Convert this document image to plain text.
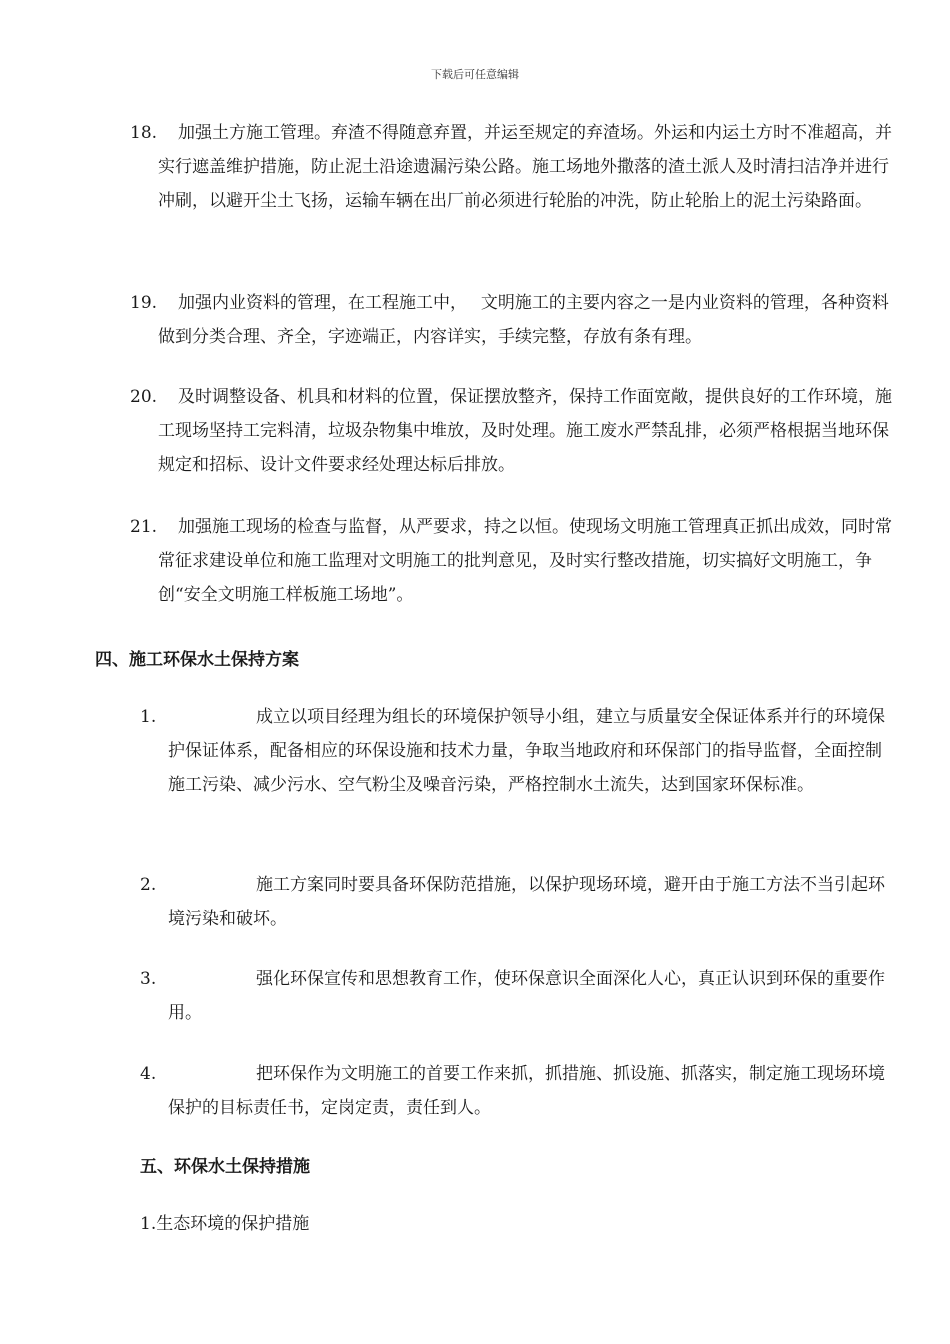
下载后可任意编辑
18.	加强土方施工管理。弃渣不得随意弃置，并运至规定的弃渣场。外运和内运土方时不准超高，并实行遮盖维护措施，防止泥土沿途遗漏污染公路。施工场地外撒落的渣土派人及时清扫洁净并进行冲刷，以避开尘土飞扬，运输车辆在出厂前必须进行轮胎的冲洗，防止轮胎上的泥土污染路面。

19.	加强内业资料的管理，在工程施工中，　 文明施工的主要内容之一是内业资料的管理，各种资料做到分类合理、齐全，字迹端正，内容详实，手续完整，存放有条有理。

20.	及时调整设备、机具和材料的位置，保证摆放整齐，保持工作面宽敞，提供良好的工作环境，施工现场坚持工完料清，垃圾杂物集中堆放，及时处理。施工废水严禁乱排，必须严格根据当地环保规定和招标、设计文件要求经处理达标后排放。

21.	加强施工现场的检查与监督，从严要求，持之以恒。使现场文明施工管理真正抓出成效，同时常常征求建设单位和施工监理对文明施工的批判意见，及时实行整改措施，切实搞好文明施工，争创“安全文明施工样板施工场地”。

四、施工环保水土保持方案
1.	成立以项目经理为组长的环境保护领导小组，建立与质量安全保证体系并行的环境保护保证体系，配备相应的环保设施和技术力量，争取当地政府和环保部门的指导监督，全面控制施工污染、减少污水、空气粉尘及噪音污染，严格控制水土流失，达到国家环保标准。

2.	施工方案同时要具备环保防范措施，以保护现场环境，避开由于施工方法不当引起环境污染和破坏。

3.	强化环保宣传和思想教育工作，使环保意识全面深化人心，真正认识到环保的重要作用。

4.	把环保作为文明施工的首要工作来抓，抓措施、抓设施、抓落实，制定施工现场环境保护的目标责任书，定岗定责，责任到人。

五、环保水土保持措施
1.生态环境的保护措施
